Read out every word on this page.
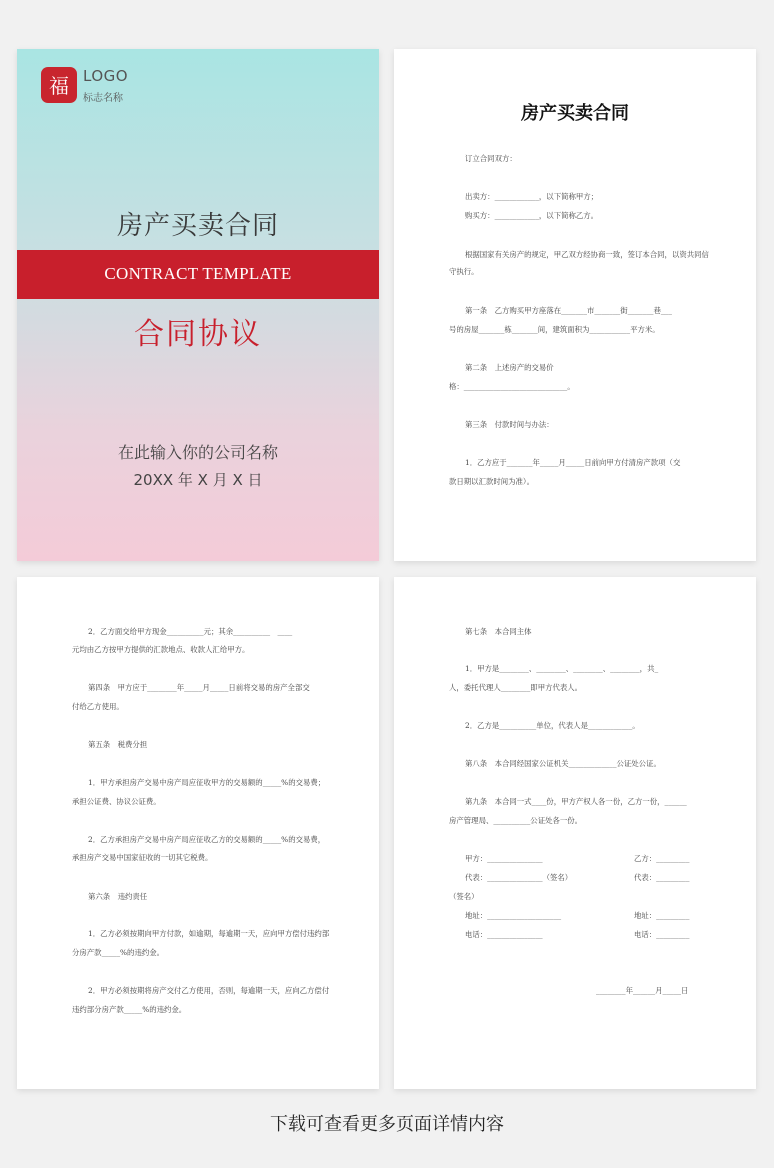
福 LOGO
标志名称
房产买卖合同
CONTRACT TEMPLATE
合同协议
在此输入你的公司名称
20XX 年 X 月 X 日
房产买卖合同
订立合同双方：
出卖方：____________，以下简称甲方；
购买方：____________，以下简称乙方。
根据国家有关房产的规定，甲乙双方经协商一致，签订本合同，以资共同信
守执行。
第一条　乙方购买甲方座落在_______市_______街_______巷___
号的房屋_______栋_______间，建筑面积为___________平方米。
第二条　上述房产的交易价
格：____________________________。
第三条　付款时间与办法：
1．乙方应于_______年_____月_____日前向甲方付清房产款项（交
款日期以汇款时间为准）。
2．乙方面交给甲方现金__________元；其余__________　____
元均由乙方按甲方提供的汇款地点、收款人汇给甲方。
第四条　甲方应于________年_____月_____日前将交易的房产全部交
付给乙方使用。
第五条　税费分担
1．甲方承担房产交易中房产局应征收甲方的交易额的_____%的交易费；
承担公证费、协议公证费。
2．乙方承担房产交易中房产局应征收乙方的交易额的_____%的交易费，
承担房产交易中国家征收的一切其它税费。
第六条　违约责任
1．乙方必须按期向甲方付款，如逾期，每逾期一天，应向甲方偿付违约部
分房产款_____%的违约金。
2．甲方必须按期将房产交付乙方使用，否则，每逾期一天，应向乙方偿付
违约部分房产款_____%的违约金。
第七条　本合同主体
1．甲方是________、________、________、________，共_
人，委托代理人________即甲方代表人。
2．乙方是__________单位，代表人是____________。
第八条　本合同经国家公证机关_____________公证处公证。
第九条　本合同一式____份，甲方产权人各一份，乙方一份，______
房产管理局、__________公证处各一份。
甲方：_______________
代表：_______________（签名）
（签名）
地址：____________________
电话：_______________
乙方：_________
代表：_________
地址：_________
电话：_________
________年______月_____日
下载可查看更多页面详情内容
